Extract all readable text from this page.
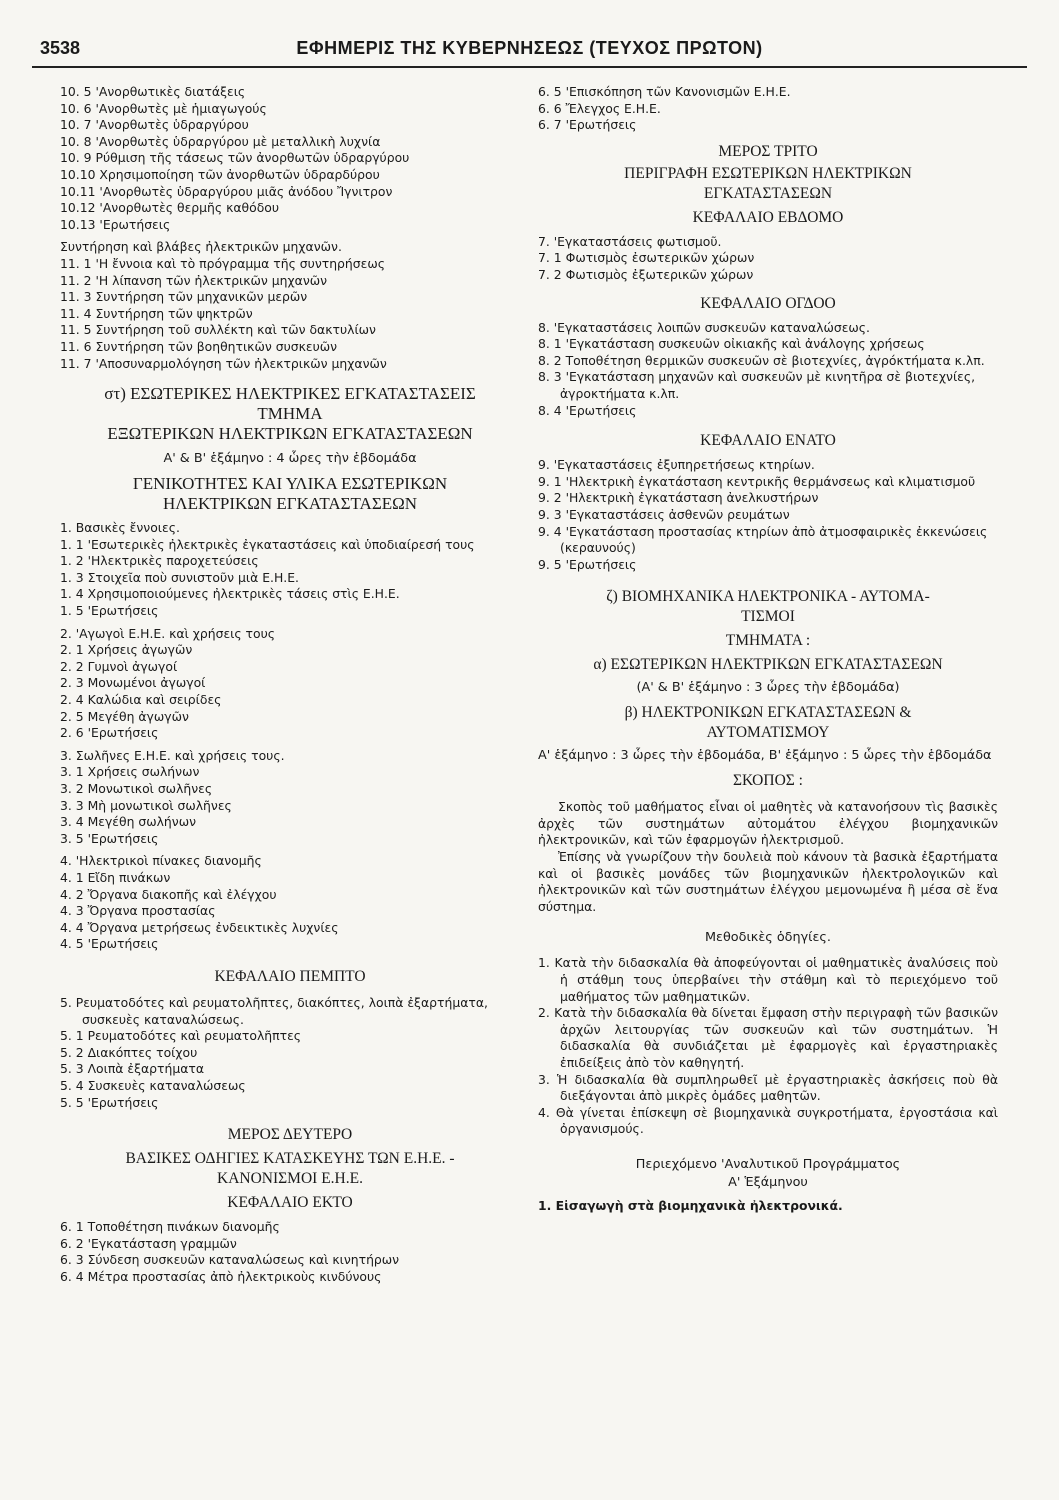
3538	ΕΦΗΜΕΡΙΣ ΤΗΣ ΚΥΒΕΡΝΗΣΕΩΣ (ΤΕΥΧΟΣ ΠΡΩΤΟΝ)
10. 5 'Ανορθωτικὲς διατάξεις
10. 6 'Ανορθωτὲς μὲ ἡμιαγωγούς
10. 7 'Ανορθωτὲς ὑδραργύρου
10. 8 'Ανορθωτὲς ὑδραργύρου μὲ μεταλλικὴ λυχνία
10. 9 Ρύθμιση τῆς τάσεως τῶν ἀνορθωτῶν ὑδραργύρου
10.10 Χρησιμοποίηση τῶν ἀνορθωτῶν ὑδραρδύρου
10.11 'Ανορθωτὲς ὑδραργύρου μιᾶς ἀνόδου Ἴγνιτρον
10.12 'Ανορθωτὲς θερμῆς καθόδου
10.13 'Ερωτήσεις
Συντήρηση καὶ βλάβες ἠλεκτρικῶν μηχανῶν.
11. 1 'Η ἔννοια καὶ τὸ πρόγραμμα τῆς συντηρήσεως
11. 2 'Η λίπανση τῶν ἠλεκτρικῶν μηχανῶν
11. 3 Συντήρηση τῶν μηχανικῶν μερῶν
11. 4 Συντήρηση τῶν ψηκτρῶν
11. 5 Συντήρηση τοῦ συλλέκτη καὶ τῶν δακτυλίων
11. 6 Συντήρηση τῶν βοηθητικῶν συσκευῶν
11. 7 'Αποσυναρμολόγηση τῶν ἠλεκτρικῶν μηχανῶν
στ) ΕΣΩΤΕΡΙΚΕΣ ΗΛΕΚΤΡΙΚΕΣ ΕΓΚΑΤΑΣΤΑΣΕΙΣ
ΤΜΗΜΑ
ΕΞΩΤΕΡΙΚΩΝ ΗΛΕΚΤΡΙΚΩΝ ΕΓΚΑΤΑΣΤΑΣΕΩΝ
Α' & Β' ἑξάμηνο : 4 ὧρες τὴν ἑβδομάδα
ΓΕΝΙΚΟΤΗΤΕΣ ΚΑΙ ΥΛΙΚΑ ΕΣΩΤΕΡΙΚΩΝ
ΗΛΕΚΤΡΙΚΩΝ ΕΓΚΑΤΑΣΤΑΣΕΩΝ
1. Βασικὲς ἔννοιες.
1. 1 'Εσωτερικὲς ἠλεκτρικὲς ἐγκαταστάσεις καὶ ὑποδιαίρεσή τους
1. 2 'Ηλεκτρικὲς παροχετεύσεις
1. 3 Στοιχεῖα ποὺ συνιστοῦν μιὰ Ε.Η.Ε.
1. 4 Χρησιμοποιούμενες ἠλεκτρικὲς τάσεις στὶς Ε.Η.Ε.
1. 5 'Ερωτήσεις
2. 'Αγωγοὶ Ε.Η.Ε. καὶ χρήσεις τους
2. 1 Χρήσεις ἀγωγῶν
2. 2 Γυμνοὶ ἀγωγοί
2. 3 Μονωμένοι ἀγωγοί
2. 4 Καλώδια καὶ σειρίδες
2. 5 Μεγέθη ἀγωγῶν
2. 6 'Ερωτήσεις
3. Σωλῆνες Ε.Η.Ε. καὶ χρήσεις τους.
3. 1 Χρήσεις σωλήνων
3. 2 Μονωτικοὶ σωλῆνες
3. 3 Μὴ μονωτικοὶ σωλῆνες
3. 4 Μεγέθη σωλήνων
3. 5 'Ερωτήσεις
4. 'Ηλεκτρικοὶ πίνακες διανομῆς
4. 1 Εἴδη πινάκων
4. 2 Ὄργανα διακοπῆς καὶ ἐλέγχου
4. 3 Ὄργανα προστασίας
4. 4 Ὄργανα μετρήσεως ἐνδεικτικὲς λυχνίες
4. 5 'Ερωτήσεις
ΚΕΦΑΛΑΙΟ ΠΕΜΠΤΟ
5. Ρευματοδότες καὶ ρευματολῆπτες, διακόπτες, λοιπὰ ἐξαρτήματα, συσκευὲς καταναλώσεως.
5. 1 Ρευματοδότες καὶ ρευματολῆπτες
5. 2 Διακόπτες τοίχου
5. 3 Λοιπὰ ἐξαρτήματα
5. 4 Συσκευὲς καταναλώσεως
5. 5 'Ερωτήσεις
ΜΕΡΟΣ ΔΕΥΤΕΡΟ
ΒΑΣΙΚΕΣ ΟΔΗΓΙΕΣ ΚΑΤΑΣΚΕΥΗΣ ΤΩΝ Ε.Η.Ε. -
ΚΑΝΟΝΙΣΜΟΙ Ε.Η.Ε.
ΚΕΦΑΛΑΙΟ ΕΚΤΟ
6. 1 Τοποθέτηση πινάκων διανομῆς
6. 2 'Εγκατάσταση γραμμῶν
6. 3 Σύνδεση συσκευῶν καταναλώσεως καὶ κινητήρων
6. 4 Μέτρα προστασίας ἀπὸ ἠλεκτρικοὺς κινδύνους
6. 5 'Επισκόπηση τῶν Κανονισμῶν Ε.Η.Ε.
6. 6 Ἔλεγχος Ε.Η.Ε.
6. 7 'Ερωτήσεις
ΜΕΡΟΣ ΤΡΙΤΟ
ΠΕΡΙΓΡΑΦΗ ΕΣΩΤΕΡΙΚΩΝ ΗΛΕΚΤΡΙΚΩΝ
ΕΓΚΑΤΑΣΤΑΣΕΩΝ
ΚΕΦΑΛΑΙΟ ΕΒΔΟΜΟ
7. 'Εγκαταστάσεις φωτισμοῦ.
7. 1 Φωτισμὸς ἐσωτερικῶν χώρων
7. 2 Φωτισμὸς ἐξωτερικῶν χώρων
ΚΕΦΑΛΑΙΟ ΟΓΔΟΟ
8. 'Εγκαταστάσεις λοιπῶν συσκευῶν καταναλώσεως.
8. 1 'Εγκατάσταση συσκευῶν οἰκιακῆς καὶ ἀνάλογης χρήσεως
8. 2 Τοποθέτηση θερμικῶν συσκευῶν σὲ βιοτεχνίες, ἀγρόκτήματα κ.λπ.
8. 3 'Εγκατάσταση μηχανῶν καὶ συσκευῶν μὲ κινητῆρα σὲ βιοτεχνίες, ἀγροκτήματα κ.λπ.
8. 4 'Ερωτήσεις
ΚΕΦΑΛΑΙΟ ΕΝΑΤΟ
9. 'Εγκαταστάσεις ἐξυπηρετήσεως κτηρίων.
9. 1 'Ηλεκτρικὴ ἐγκατάσταση κεντρικῆς θερμάνσεως καὶ κλιματισμοῦ
9. 2 'Ηλεκτρικὴ ἐγκατάσταση ἀνελκυστήρων
9. 3 'Εγκαταστάσεις ἀσθενῶν ρευμάτων
9. 4 'Εγκατάσταση προστασίας κτηρίων ἀπὸ ἀτμοσφαιρικὲς ἐκκενώσεις (κεραυνούς)
9. 5 'Ερωτήσεις
ζ) ΒΙΟΜΗΧΑΝΙΚΑ ΗΛΕΚΤΡΟΝΙΚΑ - ΑΥΤΟΜΑ-
ΤΙΣΜΟΙ
ΤΜΗΜΑΤΑ :
α) ΕΣΩΤΕΡΙΚΩΝ ΗΛΕΚΤΡΙΚΩΝ ΕΓΚΑΤΑΣΤΑΣΕΩΝ
(Α' & Β' ἑξάμηνο : 3 ὧρες τὴν ἑβδομάδα)
β) ΗΛΕΚΤΡΟΝΙΚΩΝ ΕΓΚΑΤΑΣΤΑΣΕΩΝ &
ΑΥΤΟΜΑΤΙΣΜΟΥ
Α' ἑξάμηνο : 3 ὧρες τὴν ἑβδομάδα, Β' ἑξάμηνο : 5 ὧρες τὴν ἑβδομάδα
ΣΚΟΠΟΣ :
Σκοπὸς τοῦ μαθήματος εἶναι οἱ μαθητὲς νὰ κατανοήσουν τὶς βασικὲς ἀρχὲς τῶν συστημάτων αὐτομάτου ἐλέγχου βιομηχανικῶν ἠλεκτρονικῶν, καὶ τῶν ἐφαρμογῶν ἠλεκτρισμοῦ.
Ἐπίσης νὰ γνωρίζουν τὴν δουλειὰ ποὺ κάνουν τὰ βασικὰ ἐξαρτήματα καὶ οἱ βασικὲς μονάδες τῶν βιομηχανικῶν ἠλεκτρολογικῶν καὶ ἠλεκτρονικῶν καὶ τῶν συστημάτων ἐλέγχου μεμονωμένα ἢ μέσα σὲ ἕνα σύστημα.
Μεθοδικὲς ὁδηγίες.
1. Κατὰ τὴν διδασκαλία θὰ ἀποφεύγονται οἱ μαθηματικὲς ἀναλύσεις ποὺ ἡ στάθμη τους ὑπερβαίνει τὴν στάθμη καὶ τὸ περιεχόμενο τοῦ μαθήματος τῶν μαθηματικῶν.
2. Κατὰ τὴν διδασκαλία θὰ δίνεται ἔμφαση στὴν περιγραφὴ τῶν βασικῶν ἀρχῶν λειτουργίας τῶν συσκευῶν καὶ τῶν συστημάτων. Ἡ διδασκαλία θὰ συνδιάζεται μὲ ἐφαρμογὲς καὶ ἐργαστηριακὲς ἐπιδείξεις ἀπὸ τὸν καθηγητή.
3. Ἡ διδασκαλία θὰ συμπληρωθεῖ μὲ ἐργαστηριακὲς ἀσκήσεις ποὺ θὰ διεξάγονται ἀπὸ μικρὲς ὁμάδες μαθητῶν.
4. Θὰ γίνεται ἐπίσκεψη σὲ βιομηχανικὰ συγκροτήματα, ἐργοστάσια καὶ ὀργανισμούς.
Περιεχόμενο 'Αναλυτικοῦ Προγράμματος
Α' Ἑξάμηνου
1. Εἰσαγωγὴ στὰ βιομηχανικὰ ἠλεκτρονικά.
